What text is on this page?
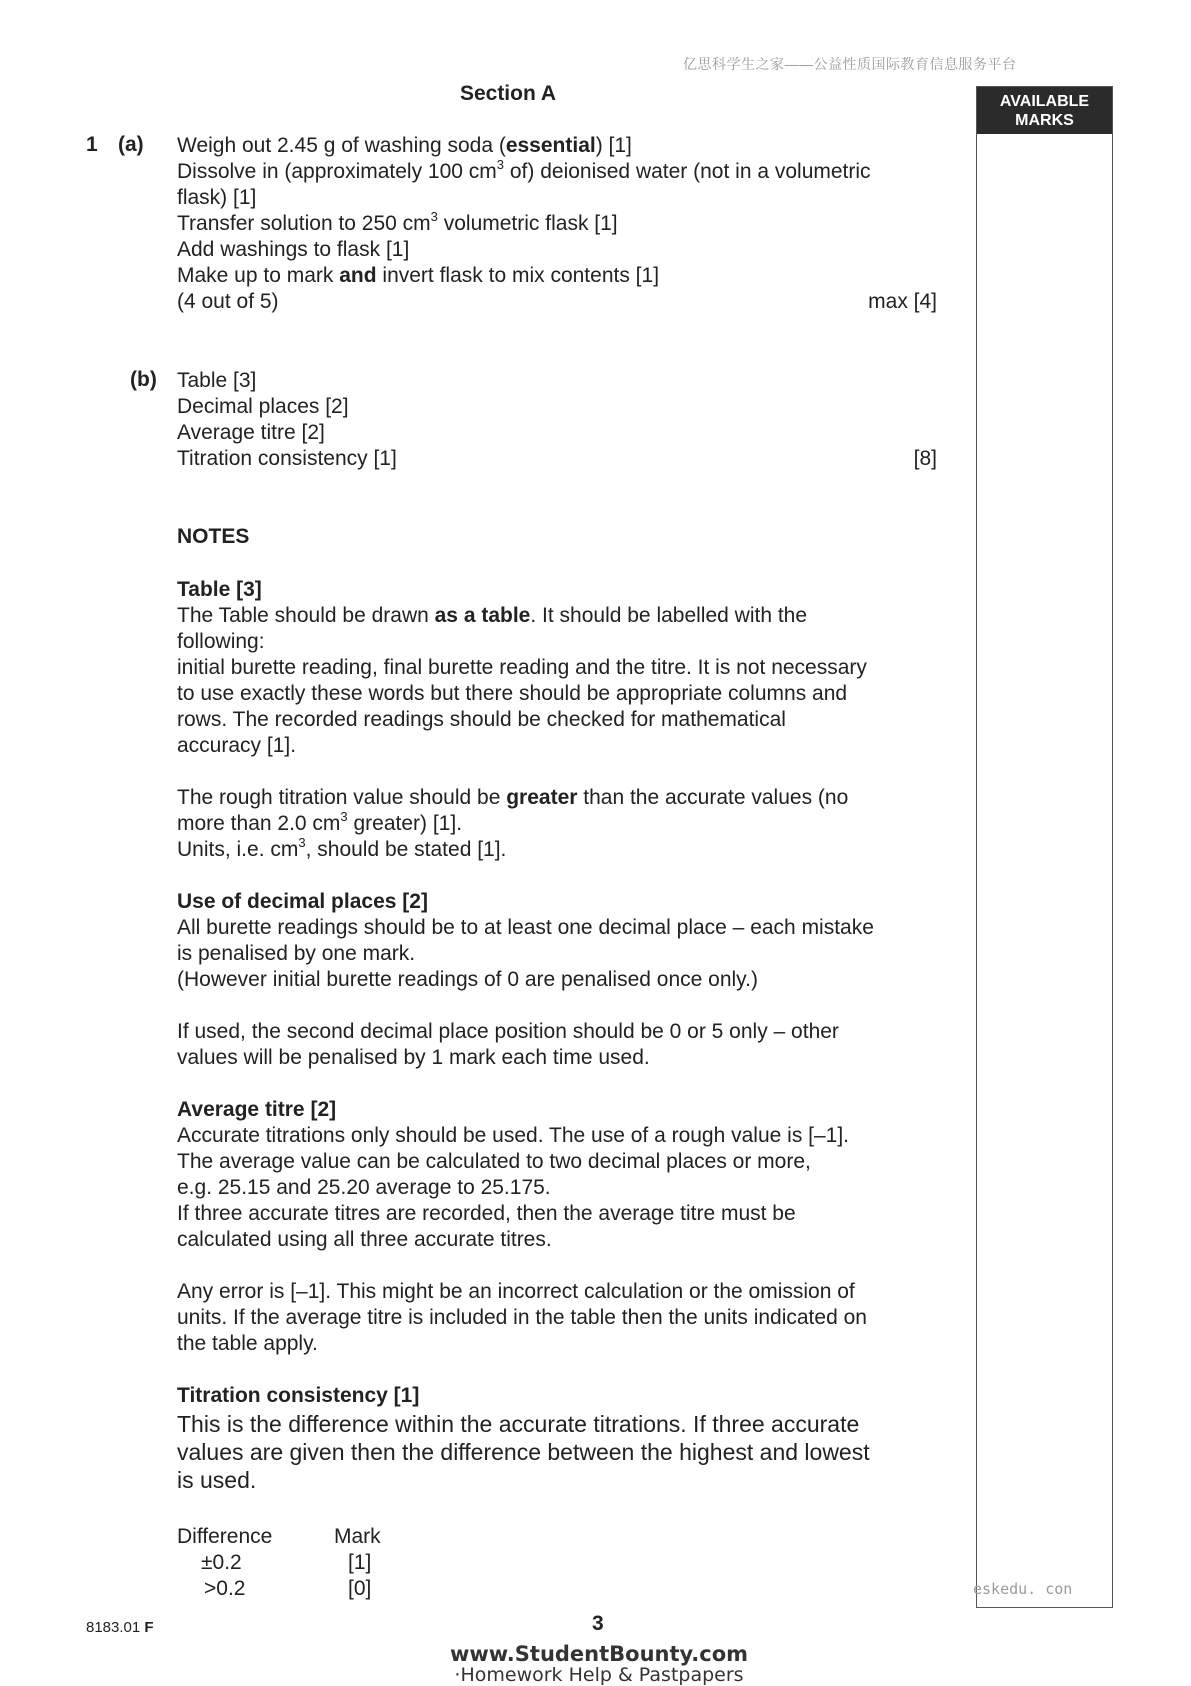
亿思科学生之家——公益性质国际教育信息服务平台
Section A	AVAILABLE
MARKS
1 (a) Weigh out 2.45 g of washing soda (essential) [1]
Dissolve in (approximately 100 $cm^3$ of) deionised water (not in a volumetric
flask) [1]
Transfer solution to 250 $cm^3$ volumetric flask [1]
Add washings to flask [1]
Make up to mark and invert flask to mix contents [1]
(4 out of 5)	max [4]
(b) Table [3]
Decimal places [2]
Average titre [2]
Titration consistency [1]	[8]
NOTES
Table [3]
The Table should be drawn as a table. It should be labelled with the
following:
initial burette reading, final burette reading and the titre. It is not necessary
to use exactly these words but there should be appropriate columns and
rows. The recorded readings should be checked for mathematical
accuracy [1].
The rough titration value should be greater than the accurate values (no
more than 2.0 $cm^3$ greater) [1].
Units, i.e. $cm^3$, should be stated [1].
Use of decimal places [2]
All burette readings should be to at least one decimal place – each mistake
is penalised by one mark.
(However initial burette readings of 0 are penalised once only.)
If used, the second decimal place position should be 0 or 5 only – other
values will be penalised by 1 mark each time used.
Average titre [2]
Accurate titrations only should be used. The use of a rough value is [–1].
The average value can be calculated to two decimal places or more,
e.g. 25.15 and 25.20 average to 25.175.
If three accurate titres are recorded, then the average titre must be
calculated using all three accurate titres.
Any error is [–1]. This might be an incorrect calculation or the omission of
units. If the average titre is included in the table then the units indicated on
the table apply.
Titration consistency [1]
This is the difference within the accurate titrations. If three accurate
values are given then the difference between the highest and lowest
is used.
Difference	Mark
±0.2	[1]
>0.2	[0]	eskedu. con
8183.01 F	3
www.StudentBounty.com
·Homework Help & Pastpapers
